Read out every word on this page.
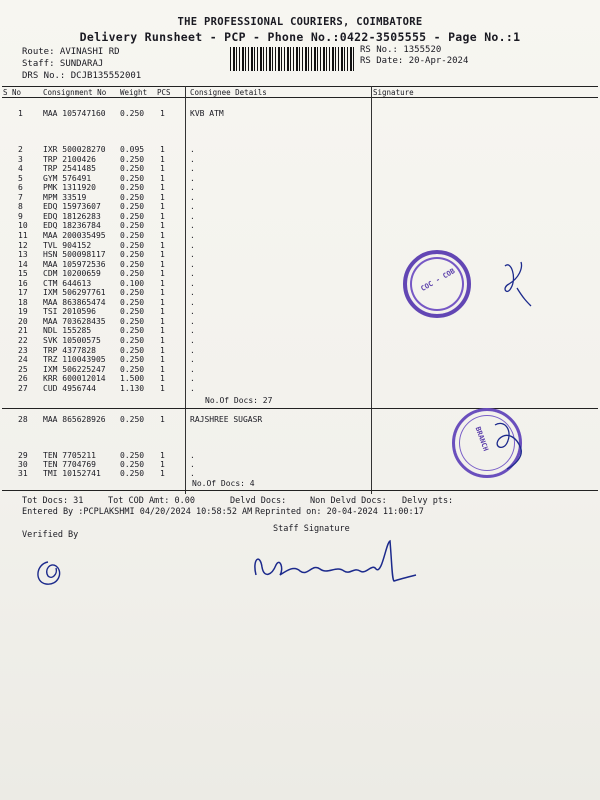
THE PROFESSIONAL COURIERS, COIMBATORE
Delivery Runsheet - PCP - Phone No.:0422-3505555 - Page No.:1
Route: AVINASHI RD
Staff: SUNDARAJ
DRS No.: DCJB135552001
RS No.: 1355520
RS Date: 20-Apr-2024
S No	Consignment No Weight PCS	Consignee Details	Signature
1	MAA 105747160 0.250 1	KVB ATM
2	IXR 500028270 0.095 1	.
3	TRP 2100426	0.250 1	.
4	TRP 2541485	0.250 1	.
5	GYM 576491	0.250 1	.
6	PMK 1311920	0.250 1	.
7	MPM 33519	0.250 1	.
8	EDQ 15973607 0.250 1	.
9	EDQ 18126283 0.250 1	.
10 EDQ 18236784 0.250 1	.
11 MAA 200035495 0.250 1	.
12 TVL 904152	0.250 1	.
13 HSN 500098117 0.250 1	.
14 MAA 105972536 0.250 1	.
15 CDM 10200659 0.250 1	.
16 CTM 644613	0.100 1	.
17 IXM 506297761 0.250 1	.
18 MAA 863865474 0.250 1	.
19 TSI 2010596	0.250 1	.
20 MAA 703628435 0.250 1	.
21 NDL 155285	0.250 1	.
22 SVK 10500575 0.250 1	.
23 TRP 4377828	0.250 1	.
24 TRZ 110043905 0.250 1	.
25 IXM 506225247 0.250 1	.
26 KRR 600012014 1.500 1	.
27 CUD 4956744	1.130 1	.
No.Of Docs: 27
28 MAA 865628926 0.250 1	RAJSHREE SUGASR
29 TEN 7705211	0.250 1	.
30 TEN 7704769	0.250 1	.
31 TMI 10152741 0.250 1	.
No.Of Docs: 4
Tot Docs: 31	Tot COD Amt: 0.00	Delvd Docs:	Non Delvd Docs: Delvy pts:
Entered By :PCPLAKSHMI 04/20/2024 10:58:52 AM Reprinted on: 20-04-2024 11:00:17
Verified By
Staff Signature
COC - COB
BRANCH
